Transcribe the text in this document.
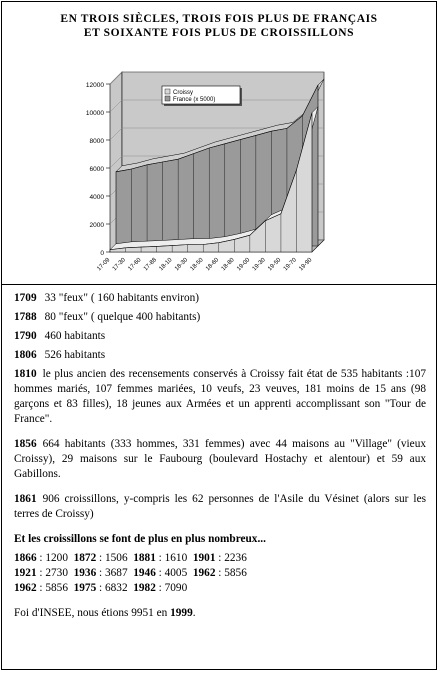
EN TROIS SIÈCLES, TROIS FOIS PLUS DE FRANÇAIS
ET SOIXANTE FOIS PLUS DE CROISSILLONS
0
2000
4000
6000
8000
10000
12000
17-09 17-30 17-60 17-88 18-10 18-30 18-50 18-60 18-80 19-00 19-30 19-50 19-70 19-90
Croissy
France (x 5000)
1709 33 "feux" ( 160 habitants environ)
1788 80 "feux" ( quelque 400 habitants)
1790 460 habitants
1806 526 habitants
1810 le plus ancien des recensements conservés à Croissy fait état de 535 habitants :107 hommes mariés, 107 femmes mariées, 10 veufs, 23 veuves, 181 moins de 15 ans (98 garçons et 83 filles), 18 jeunes aux Armées et un apprenti accomplissant son "Tour de France".
1856 664 habitants (333 hommes, 331 femmes) avec 44 maisons au "Village" (vieux Croissy), 29 maisons sur le Faubourg (boulevard Hostachy et alentour) et 59 aux Gabillons.
1861 906 croissillons, y-compris les 62 personnes de l'Asile du Vésinet (alors sur les terres de Croissy)
Et les croissillons se font de plus en plus nombreux...
1866 : 1200  1872 : 1506  1881 : 1610  1901 : 2236
1921 : 2730  1936 : 3687  1946 : 4005  1962 : 5856
1962 : 5856  1975 : 6832  1982 : 7090
Foi d'INSEE, nous étions 9951 en 1999.
